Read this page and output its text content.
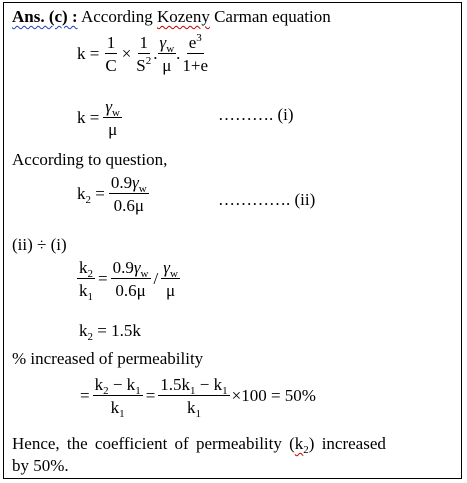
Ans. (c) : According Kozeny Carman equation
$k = \frac{1}{C} \times \frac{1}{S^2}$ . $\frac{\gamma_w}{\mu}$ . $\frac{e^3}{1+e}$
$k = \frac{\gamma_w}{\mu}$	………. (i)
According to question,
$k_2 = \frac{0.9\gamma_w}{0.6\mu}$	…………. (ii)
(ii) ÷ (i)
$\frac{k_2}{k_1} = \frac{0.9\gamma_w}{0.6\mu} / \frac{\gamma_w}{\mu}$
$k_2 = 1.5k$
% increased of permeability
= $\frac{k_2 - k_1}{k_1} = \frac{1.5k_1 - k_1}{k_1} \times 100 = 50\%$
Hence, the coefficient of permeability $(k_2)$ increased
by 50%.
